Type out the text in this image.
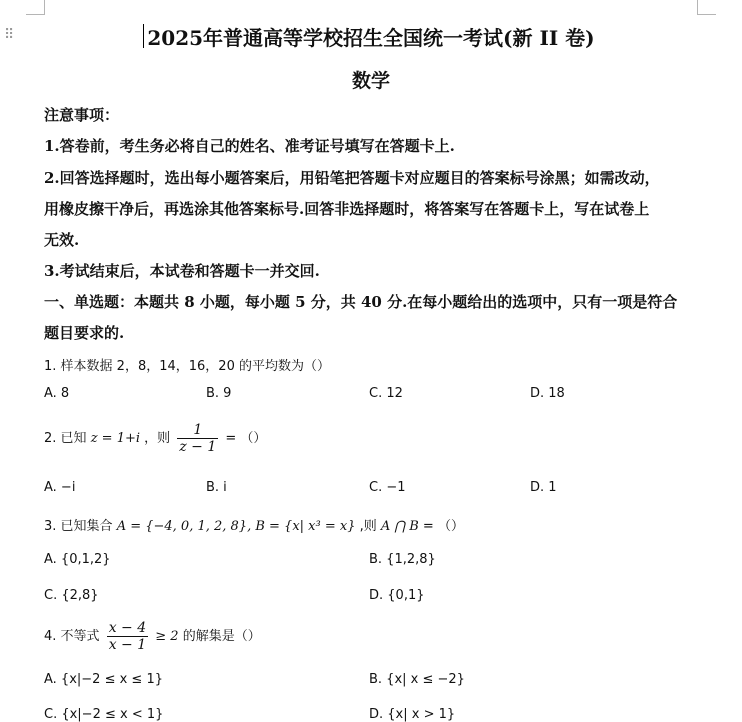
⠿	2025年普通高等学校招生全国统一考试(新 II 卷)
数学
注意事项：
1.答卷前，考生务必将自己的姓名、准考证号填写在答题卡上.
2.回答选择题时，选出每小题答案后，用铅笔把答题卡对应题目的答案标号涂黑；如需改动，
用橡皮擦干净后，再选涂其他答案标号.回答非选择题时，将答案写在答题卡上，写在试卷上
无效.
3.考试结束后，本试卷和答题卡一并交回.
一、单选题：本题共 8 小题，每小题 5 分，共 40 分.在每小题给出的选项中，只有一项是符合
题目要求的.
1. 样本数据 2，8，14，16，20 的平均数为（）
A. 8	B. 9	C. 12	D. 18
2. 已知 z = 1+i ，则 $\frac{1}{z - 1}$ = （）
A. −i	B. i	C. −1	D. 1
3. 已知集合 A = {−4, 0, 1, 2, 8}, B = {x| x³ = x} ,则 A ⋂ B = （）
A. {0,1,2}	B. {1,2,8}
C. {2,8}	D. {0,1}
4. 不等式 $\frac{x - 4}{x - 1} \ge 2$ 的解集是（）
A. {x|−2 ≤ x ≤ 1}	B. {x| x ≤ −2}
C. {x|−2 ≤ x < 1}	D. {x| x > 1}
